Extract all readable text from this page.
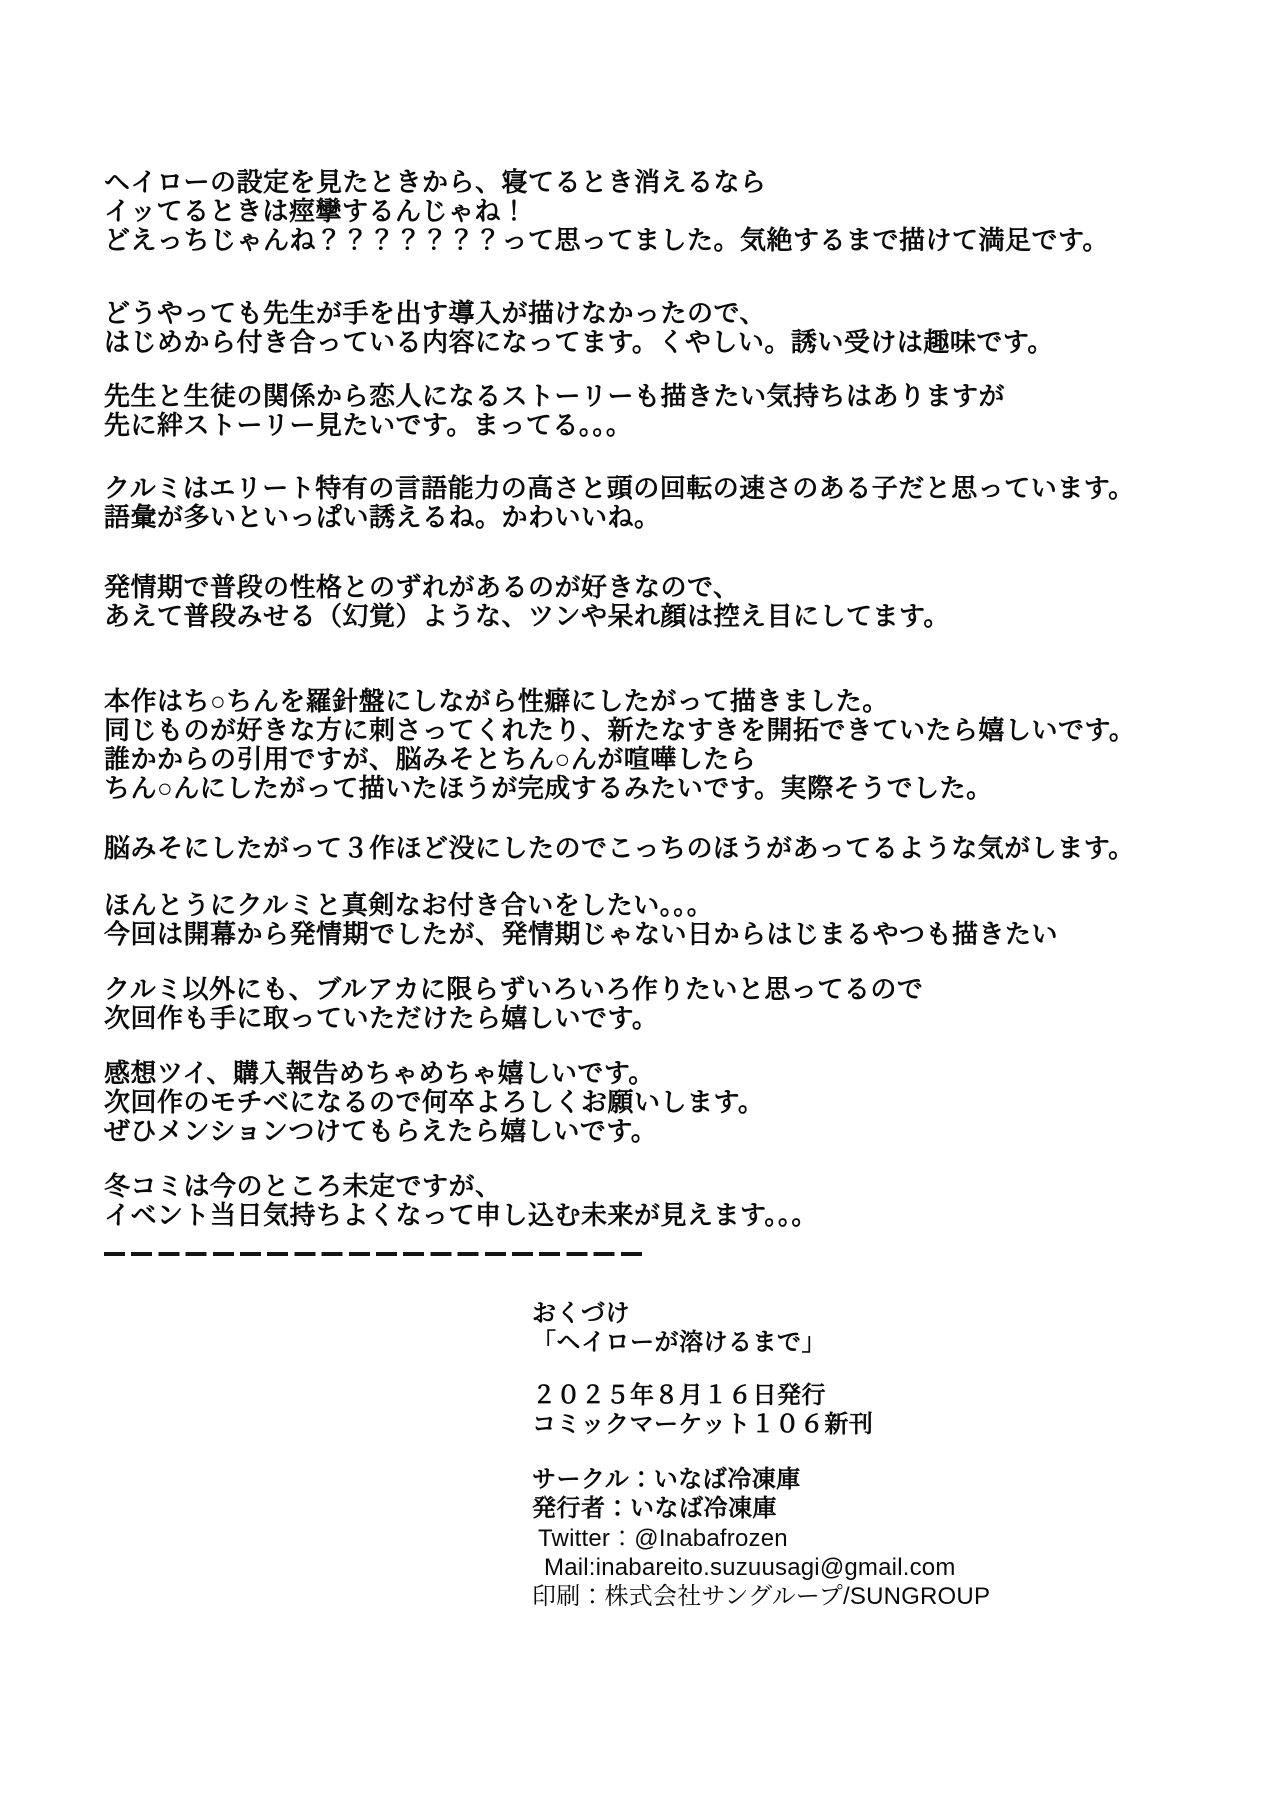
ヘイローの設定を見たときから、寝てるとき消えるなら
イッてるときは痙攣するんじゃね！
どえっちじゃんね？？？？？？？って思ってました。気絶するまで描けて満足です。

どうやっても先生が手を出す導入が描けなかったので、
はじめから付き合っている内容になってます。くやしい。誘い受けは趣味です。

先生と生徒の関係から恋人になるストーリーも描きたい気持ちはありますが
先に絆ストーリー見たいです。まってる。。。

クルミはエリート特有の言語能力の高さと頭の回転の速さのある子だと思っています。
語彙が多いといっぱい誘えるね。かわいいね。

発情期で普段の性格とのずれがあるのが好きなので、
あえて普段みせる（幻覚）ような、ツンや呆れ顔は控え目にしてます。

本作はち○ちんを羅針盤にしながら性癖にしたがって描きました。
同じものが好きな方に刺さってくれたり、新たなすきを開拓できていたら嬉しいです。
誰かからの引用ですが、脳みそとちん○んが喧嘩したら
ちん○んにしたがって描いたほうが完成するみたいです。実際そうでした。

脳みそにしたがって３作ほど没にしたのでこっちのほうがあってるような気がします。

ほんとうにクルミと真剣なお付き合いをしたい。。。
今回は開幕から発情期でしたが、発情期じゃない日からはじまるやつも描きたい

クルミ以外にも、ブルアカに限らずいろいろ作りたいと思ってるので
次回作も手に取っていただけたら嬉しいです。

感想ツイ、購入報告めちゃめちゃ嬉しいです。
次回作のモチベになるので何卒よろしくお願いします。
ぜひメンションつけてもらえたら嬉しいです。

冬コミは今のところ未定ですが、
イベント当日気持ちよくなって申し込む未来が見えます。。。

おくづけ
「ヘイローが溶けるまで」
２０２５年８月１６日発行
コミックマーケット１０６新刊
サークル：いなば冷凍庫
発行者：いなば冷凍庫
Twitter：@Inabafrozen
Mail:inabareito.suzuusagi@gmail.com
印刷：株式会社サングループ/SUNGROUP
